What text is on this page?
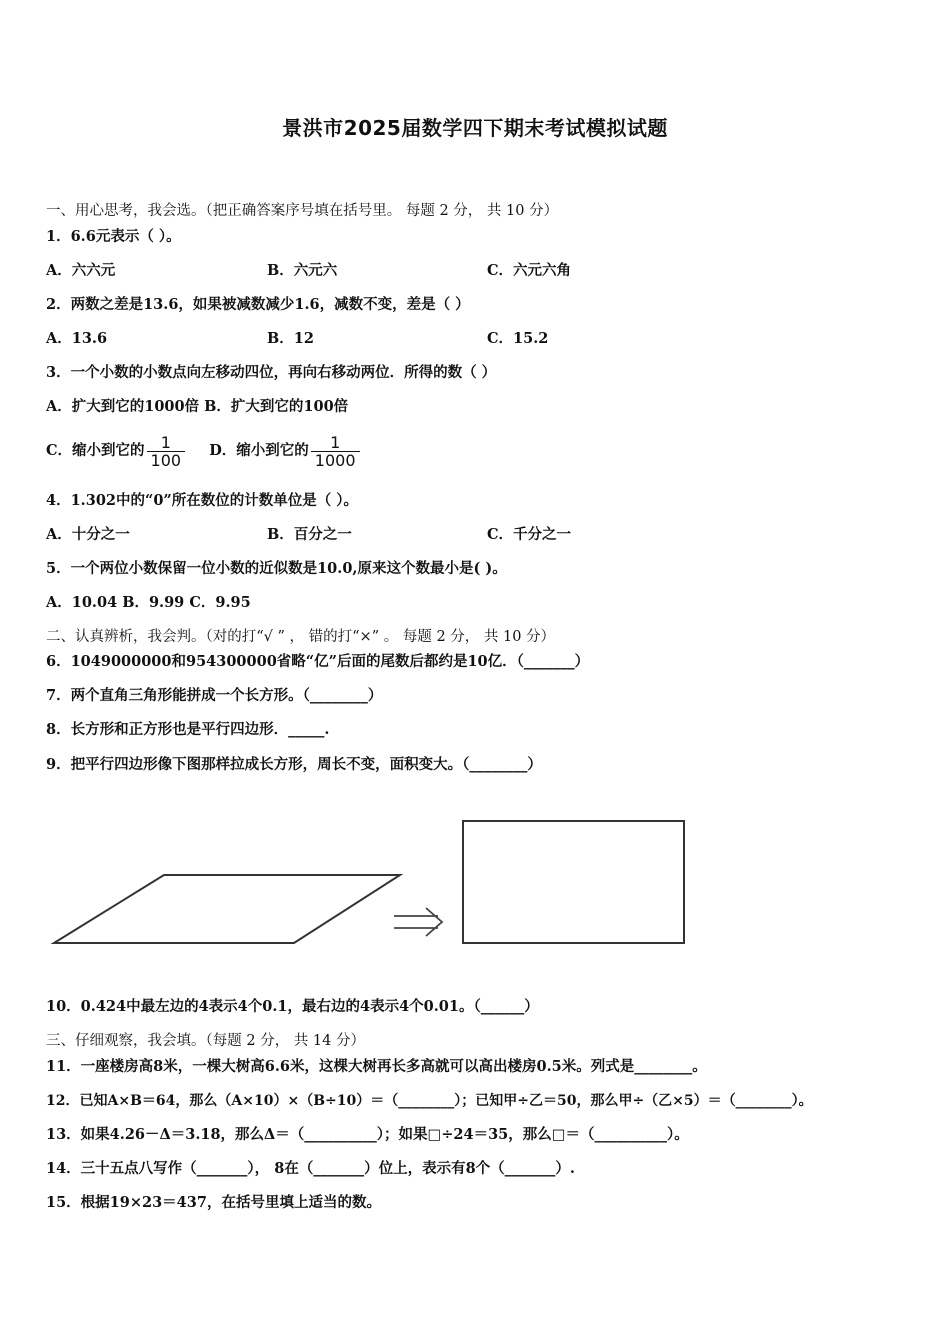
景洪市2025届数学四下期末考试模拟试题
一、用心思考，我会选。（把正确答案序号填在括号里。 每题 2 分， 共 10 分）
1．6.6元表示（ ）。
A．六六元	B．六元六	C．六元六角
2．两数之差是13.6，如果被减数减少1.6，减数不变，差是（ ）
A．13.6	B．12	C．15.2
3．一个小数的小数点向左移动四位，再向右移动两位．所得的数（ ）
A．扩大到它的1000倍 B．扩大到它的100倍
C．缩小到它的 $\frac{1}{100}$ D．缩小到它的 $\frac{1}{1000}$
4．1.302中的“0”所在数位的计数单位是（ ）。
A．十分之一	B．百分之一	C．千分之一
5．一个两位小数保留一位小数的近似数是10.0,原来这个数最小是( )。
A．10.04 B．9.99 C．9.95
二、认真辨析，我会判。（对的打“√ ” ， 错的打“×” 。 每题 2 分， 共 10 分）
6．1049000000和954300000省略“亿”后面的尾数后都约是10亿．（_______）
7．两个直角三角形能拼成一个长方形。（________）
8．长方形和正方形也是平行四边形．_____.
9．把平行四边形像下图那样拉成长方形，周长不变，面积变大。（________）
10．0.424中最左边的4表示4个0.1，最右边的4表示4个0.01。（______）
三、仔细观察，我会填。（每题 2 分， 共 14 分）
11．一座楼房高8米，一棵大树高6.6米，这棵大树再长多高就可以高出楼房0.5米。列式是________。
12．已知A×B＝64，那么（A×10）×（B÷10）＝（________）；已知甲÷乙＝50，那么甲÷（乙×5）＝（________）。
13．如果4.26－Δ＝3.18，那么Δ＝（__________）；如果□÷24＝35，那么□＝（__________）。
14．三十五点八写作（_______）， 8在（_______）位上，表示有8个（_______）.
15．根据19×23＝437，在括号里填上适当的数。
